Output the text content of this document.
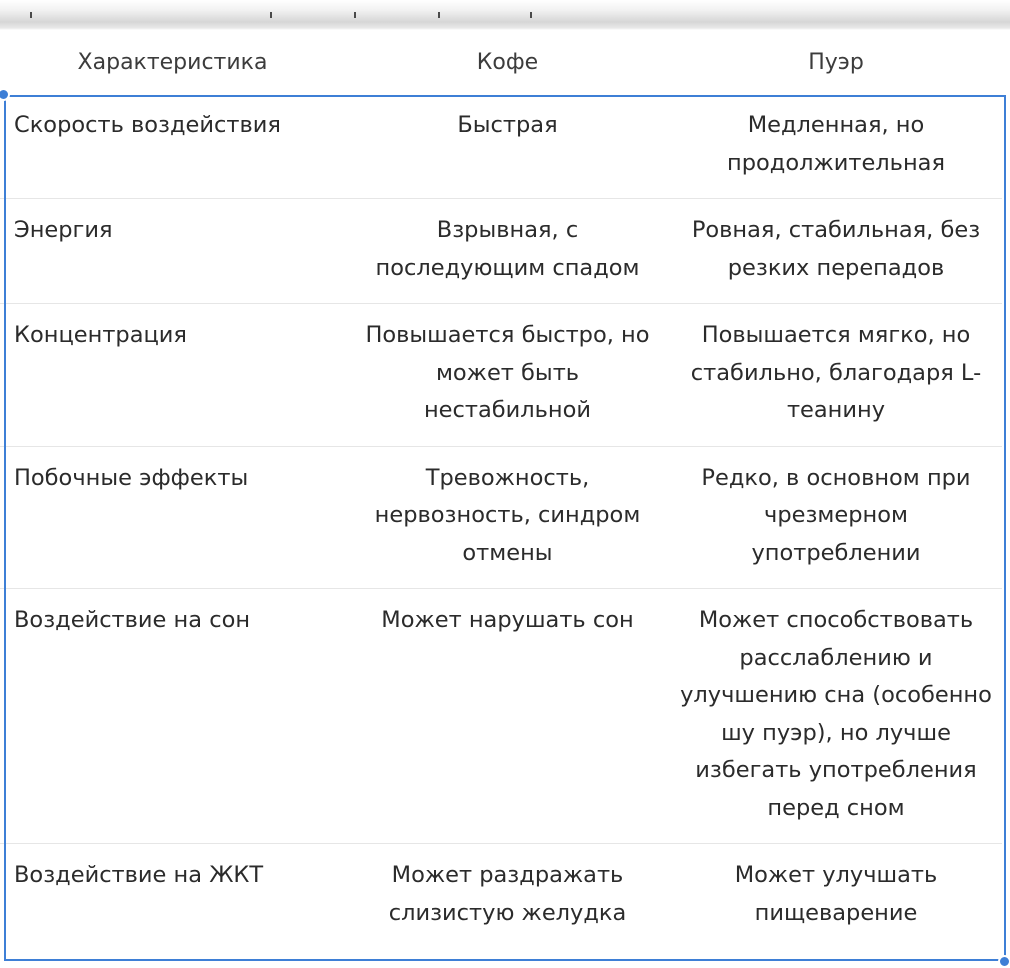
Характеристика	Кофе	Пуэр
Скорость воздействия	Быстрая	Медленная, но продолжительная
Энергия	Взрывная, с последующим спадом	Ровная, стабильная, без резких перепадов
Концентрация	Повышается быстро, но может быть нестабильной	Повышается мягко, но стабильно, благодаря L-теанину
Побочные эффекты	Тревожность, нервозность, синдром отмены	Редко, в основном при чрезмерном употреблении
Воздействие на сон	Может нарушать сон	Может способствовать расслаблению и улучшению сна (особенно шу пуэр), но лучше избегать употребления перед сном
Воздействие на ЖКТ	Может раздражать слизистую желудка	Может улучшать пищеварение
